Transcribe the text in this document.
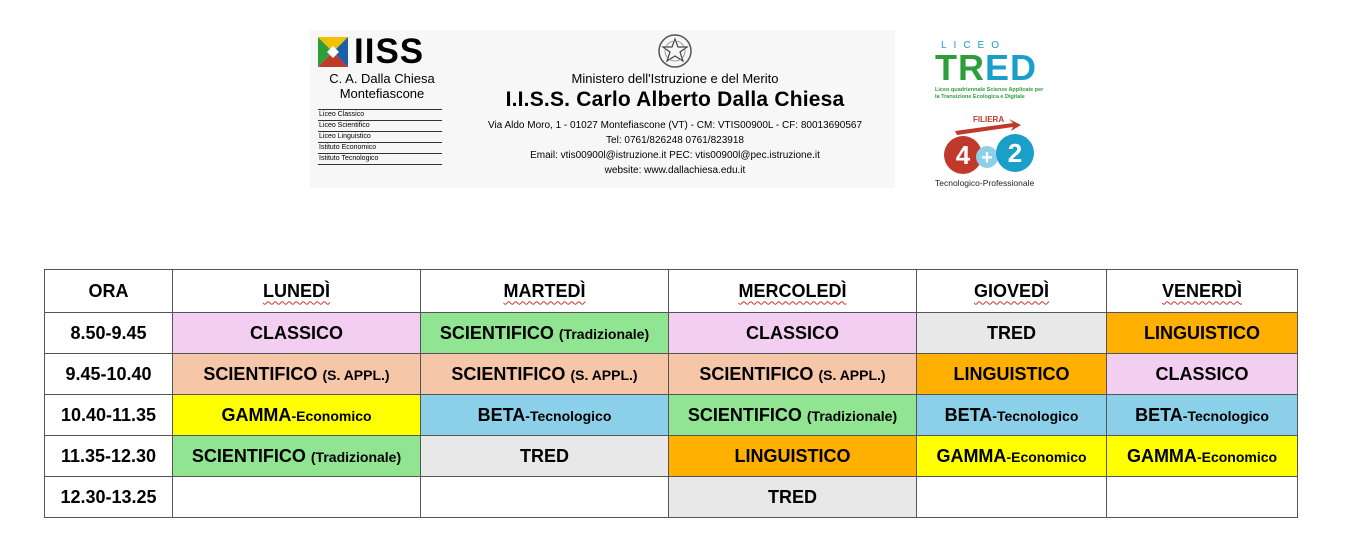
IISS
C. A. Dalla Chiesa
Montefiascone
Liceo Classico
Liceo Scientifico
Liceo Linguistico
Istituto Economico
Istituto Tecnologico
Ministero dell'Istruzione e del Merito
I.I.S.S. Carlo Alberto Dalla Chiesa
Via Aldo Moro, 1 - 01027 Montefiascone (VT) - CM: VTIS00900L - CF: 80013690567
Tel: 0761/826248 0761/823918
Email: vtis00900l@istruzione.it PEC: vtis00900l@pec.istruzione.it
website: www.dallachiesa.edu.it
LICEO
TRED
Liceo quadriennale Scienze Applicate per la Transizione Ecologica e Digitale
4 + 2
FILIERA
Tecnologico-Professionale
ORA	LUNEDÌ	MARTEDÌ	MERCOLEDÌ	GIOVEDÌ	VENERDÌ
8.50-9.45	CLASSICO	SCIENTIFICO (Tradizionale)	CLASSICO	TRED	LINGUISTICO
9.45-10.40	SCIENTIFICO (S. APPL.)	SCIENTIFICO (S. APPL.)	SCIENTIFICO (S. APPL.)	LINGUISTICO	CLASSICO
10.40-11.35	GAMMA-Economico	BETA-Tecnologico	SCIENTIFICO (Tradizionale)	BETA-Tecnologico	BETA-Tecnologico
11.35-12.30	SCIENTIFICO (Tradizionale)	TRED	LINGUISTICO	GAMMA-Economico	GAMMA-Economico
12.30-13.25			TRED		
